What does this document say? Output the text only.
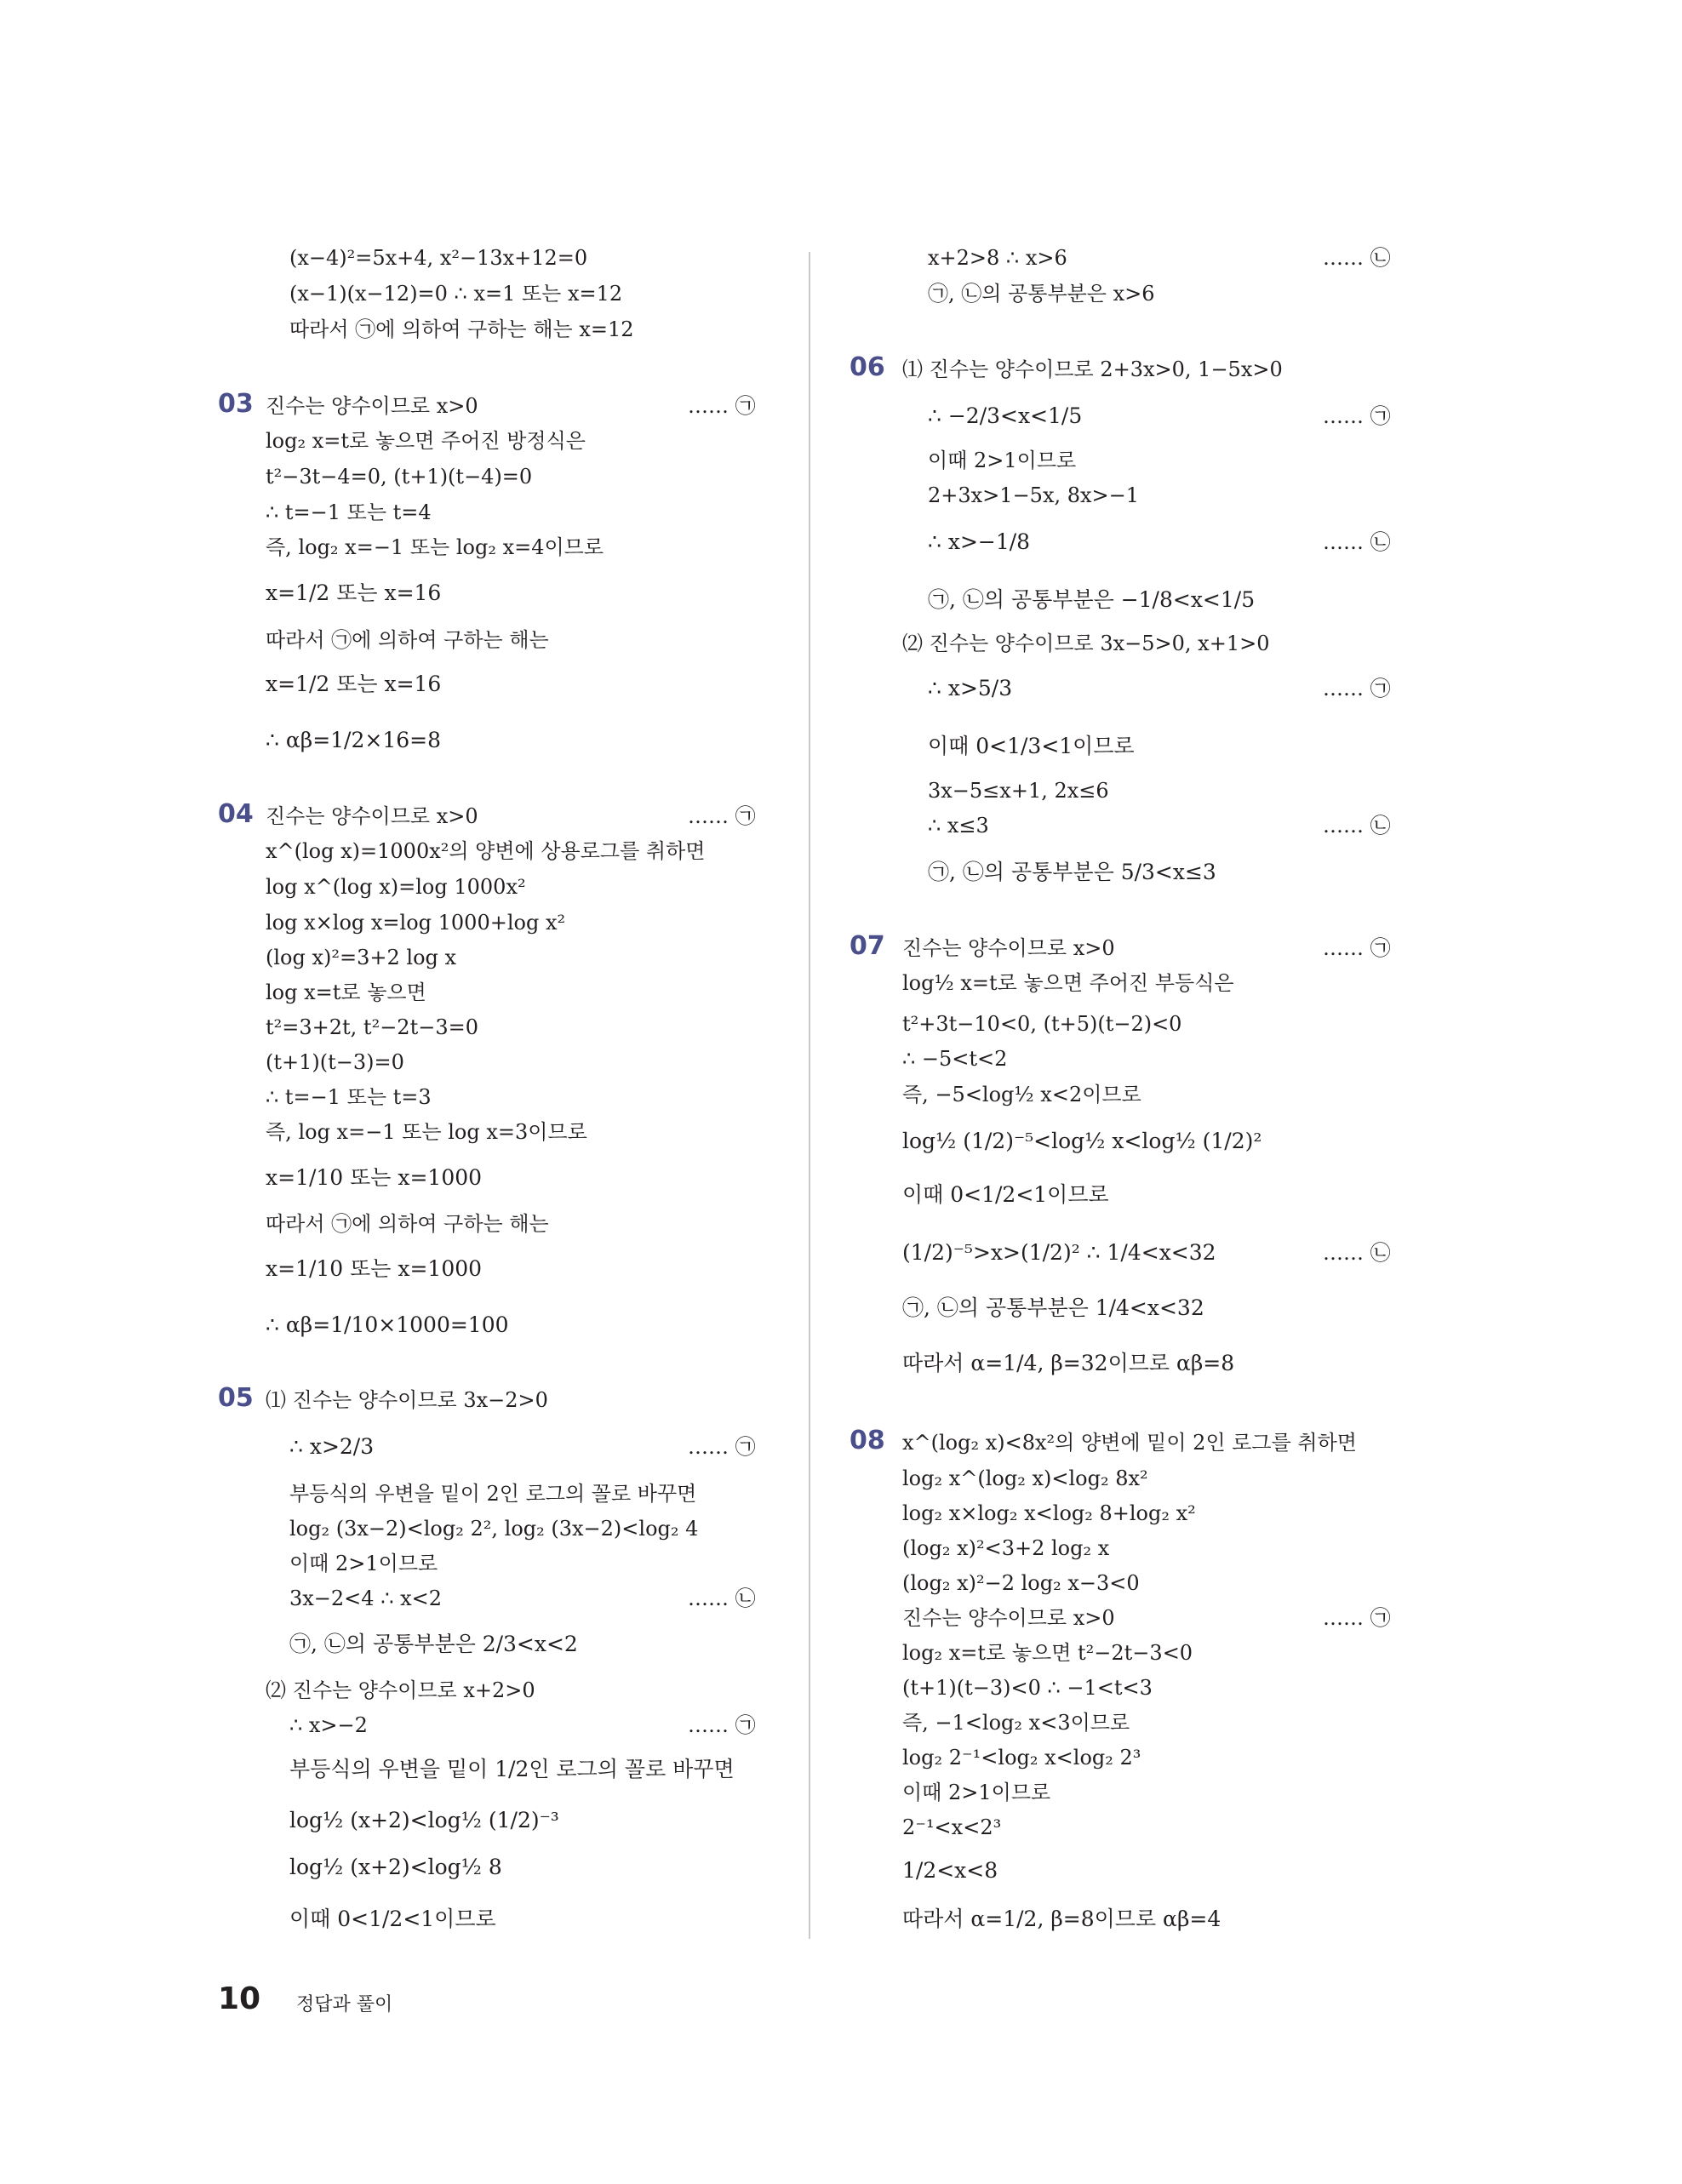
(x−4)²=5x+4, x²−13x+12=0
(x−1)(x−12)=0 ∴ x=1 또는 x=12
따라서 ㉠에 의하여 구하는 해는 x=12
03	…… ㉠
진수는 양수이므로 x>0
log₂ x=t로 놓으면 주어진 방정식은
t²−3t−4=0, (t+1)(t−4)=0
∴ t=−1 또는 t=4
즉, log₂ x=−1 또는 log₂ x=4이므로
x=1/2 또는 x=16
따라서 ㉠에 의하여 구하는 해는
x=1/2 또는 x=16
∴ αβ=1/2×16=8
04	…… ㉠
진수는 양수이므로 x>0
x^(log x)=1000x²의 양변에 상용로그를 취하면
log x^(log x)=log 1000x²
log x×log x=log 1000+log x²
(log x)²=3+2 log x
log x=t로 놓으면
t²=3+2t, t²−2t−3=0
(t+1)(t−3)=0
∴ t=−1 또는 t=3
즉, log x=−1 또는 log x=3이므로
x=1/10 또는 x=1000
따라서 ㉠에 의하여 구하는 해는
x=1/10 또는 x=1000
∴ αβ=1/10×1000=100
05 ⑴ 진수는 양수이므로 3x−2>0
…… ㉠
∴ x>2/3
부등식의 우변을 밑이 2인 로그의 꼴로 바꾸면
log₂ (3x−2)<log₂ 2², log₂ (3x−2)<log₂ 4
이때 2>1이므로
…… ㉡
3x−2<4 ∴ x<2
㉠, ㉡의 공통부분은 2/3<x<2
⑵ 진수는 양수이므로 x+2>0
…… ㉠
∴ x>−2
부등식의 우변을 밑이 1/2인 로그의 꼴로 바꾸면
log½ (x+2)<log½ (1/2)⁻³
log½ (x+2)<log½ 8
이때 0<1/2<1이므로
x+2>8 ∴ x>6	…… ㉡
㉠, ㉡의 공통부분은 x>6
06 ⑴ 진수는 양수이므로 2+3x>0, 1−5x>0
…… ㉠
∴ −2/3<x<1/5
이때 2>1이므로
2+3x>1−5x, 8x>−1
…… ㉡
∴ x>−1/8
㉠, ㉡의 공통부분은 −1/8<x<1/5
⑵ 진수는 양수이므로 3x−5>0, x+1>0
…… ㉠
∴ x>5/3
이때 0<1/3<1이므로
3x−5≤x+1, 2x≤6
…… ㉡
∴ x≤3
㉠, ㉡의 공통부분은 5/3<x≤3
07	…… ㉠
진수는 양수이므로 x>0
log½ x=t로 놓으면 주어진 부등식은
t²+3t−10<0, (t+5)(t−2)<0
∴ −5<t<2
즉, −5<log½ x<2이므로
log½ (1/2)⁻⁵<log½ x<log½ (1/2)²
이때 0<1/2<1이므로
…… ㉡
(1/2)⁻⁵>x>(1/2)² ∴ 1/4<x<32
㉠, ㉡의 공통부분은 1/4<x<32
따라서 α=1/4, β=32이므로 αβ=8
08 x^(log₂ x)<8x²의 양변에 밑이 2인 로그를 취하면
log₂ x^(log₂ x)<log₂ 8x²
log₂ x×log₂ x<log₂ 8+log₂ x²
(log₂ x)²<3+2 log₂ x
(log₂ x)²−2 log₂ x−3<0
…… ㉠
진수는 양수이므로 x>0
log₂ x=t로 놓으면 t²−2t−3<0
(t+1)(t−3)<0 ∴ −1<t<3
즉, −1<log₂ x<3이므로
log₂ 2⁻¹<log₂ x<log₂ 2³
이때 2>1이므로
2⁻¹<x<2³
1/2<x<8
따라서 α=1/2, β=8이므로 αβ=4
10 정답과 풀이
